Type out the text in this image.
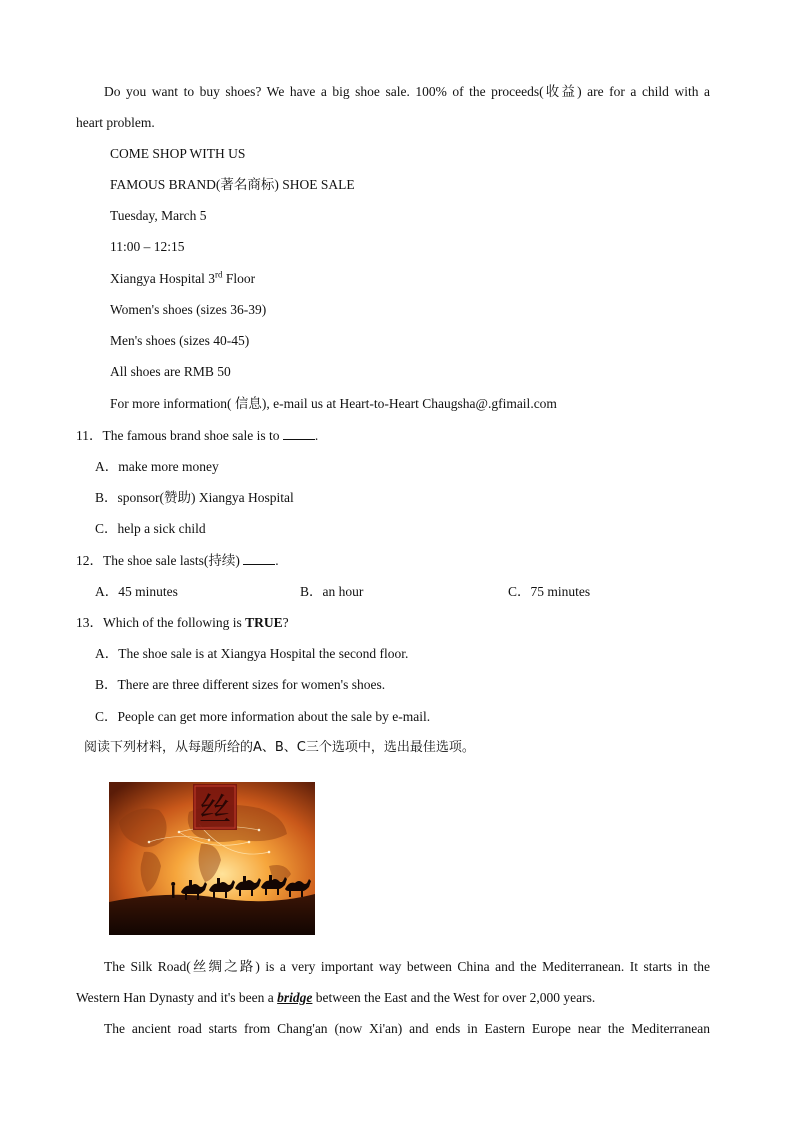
Do you want to buy shoes? We have a big shoe sale. 100% of the proceeds(收益) are for a child with a
heart problem.
COME SHOP WITH US
FAMOUS BRAND(著名商标) SHOE SALE
Tuesday, March 5
11:00 – 12:15
Xiangya Hospital 3rd Floor
Women's shoes (sizes 36-39)
Men's shoes (sizes 40-45)
All shoes are RMB 50
For more information( 信息), e-mail us at Heart-to-Heart Chaugsha@.gfimail.com
11．The famous brand shoe sale is to .
A．make more money
B．sponsor(赞助) Xiangya Hospital
C．help a sick child
12．The shoe sale lasts(持续) .
A．45 minutes	B．an hour	C．75 minutes
13．Which of the following is TRUE?
A．The shoe sale is at Xiangya Hospital the second floor.
B．There are three different sizes for women's shoes.
C．People can get more information about the sale by e-mail.
阅读下列材料，从每题所给的A、B、C三个选项中，选出最佳选项。
丝
The Silk Road(丝绸之路) is a very important way between China and the Mediterranean. It starts in the
Western Han Dynasty and it's been a bridge between the East and the West for over 2,000 years.
The ancient road starts from Chang'an (now Xi'an) and ends in Eastern Europe near the Mediterranean
